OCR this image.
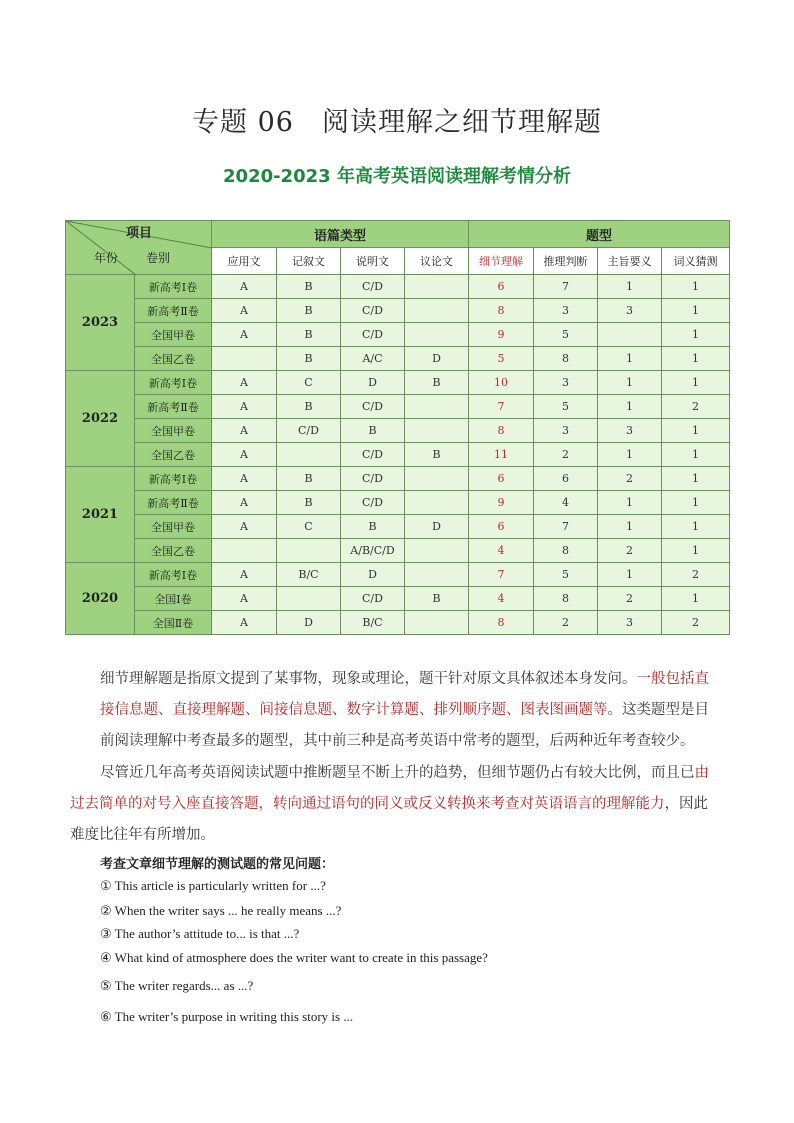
专题 06　阅读理解之细节理解题
2020-2023 年高考英语阅读理解考情分析
项目
卷别
年份		语篇类型				题型			
		应用文	记叙文	说明文	议论文	细节理解	推理判断	主旨要义	词义猜测
2023	新高考Ⅰ卷	A	B	C/D		6	7	1	1
	新高考Ⅱ卷	A	B	C/D		8	3	3	1
	全国甲卷	A	B	C/D		9	5		1
	全国乙卷		B	A/C	D	5	8	1	1
2022	新高考Ⅰ卷	A	C	D	B	10	3	1	1
	新高考Ⅱ卷	A	B	C/D		7	5	1	2
	全国甲卷	A	C/D	B		8	3	3	1
	全国乙卷	A		C/D	B	11	2	1	1
2021	新高考Ⅰ卷	A	B	C/D		6	6	2	1
	新高考Ⅱ卷	A	B	C/D		9	4	1	1
	全国甲卷	A	C	B	D	6	7	1	1
	全国乙卷			A/B/C/D		4	8	2	1
2020	新高考Ⅰ卷	A	B/C	D		7	5	1	2
	全国Ⅰ卷	A		C/D	B	4	8	2	1
	全国Ⅱ卷	A	D	B/C		8	2	3	2
细节理解题是指原文提到了某事物，现象或理论，题干针对原文具体叙述本身发问。一般包括直接信息题、直接理解题、间接信息题、数字计算题、排列顺序题、图表图画题等。这类题型是目前阅读理解中考查最多的题型，其中前三种是高考英语中常考的题型，后两种近年考查较少。
尽管近几年高考英语阅读试题中推断题呈不断上升的趋势，但细节题仍占有较大比例，而且已由过去简单的对号入座直接答题，转向通过语句的同义或反义转换来考查对英语语言的理解能力，因此难度比往年有所增加。
考查文章细节理解的测试题的常见问题：
① This article is particularly written for ...?
② When the writer says ... he really means ...?
③ The author’s attitude to... is that ...?
④ What kind of atmosphere does the writer want to create in this passage?
⑤ The writer regards... as ...?
⑥ The writer’s purpose in writing this story is ...
